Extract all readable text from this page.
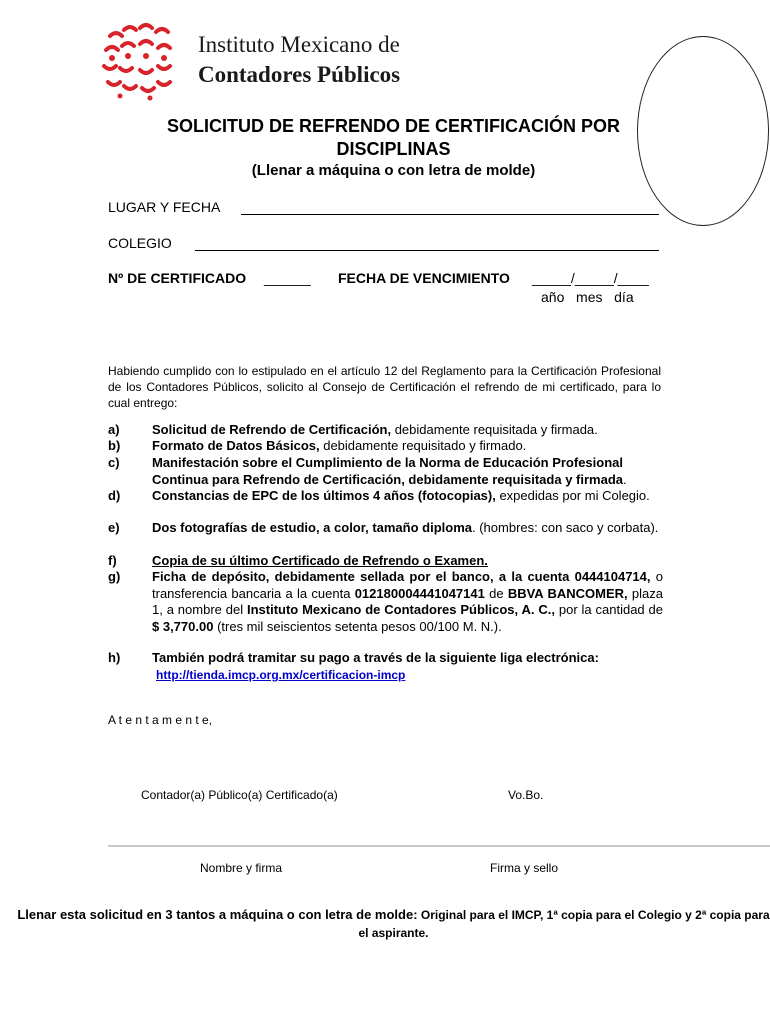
Instituto Mexicano de
Contadores Públicos
SOLICITUD DE REFRENDO DE CERTIFICACIÓN POR
DISCIPLINAS
(Llenar a máquina o con letra de molde)
LUGAR Y FECHA
COLEGIO
Nº DE CERTIFICADO ______ FECHA DE VENCIMIENTO _____/_____/____
año   mes   día
Habiendo cumplido con lo estipulado en el artículo 12 del Reglamento para la Certificación Profesional de los Contadores Públicos, solicito al Consejo de Certificación el refrendo de mi certificado, para lo cual entrego:
a) Solicitud de Refrendo de Certificación, debidamente requisitada y firmada.
b) Formato de Datos Básicos, debidamente requisitado y firmado.
c) Manifestación sobre el Cumplimiento de la Norma de Educación Profesional Continua para Refrendo de Certificación, debidamente requisitada y firmada.
d) Constancias de EPC de los últimos 4 años (fotocopias), expedidas por mi Colegio.
e) Dos fotografías de estudio, a color, tamaño diploma. (hombres: con saco y corbata).
f)	Copia de su último Certificado de Refrendo o Examen.
g) Ficha de depósito, debidamente sellada por el banco, a la cuenta 0444104714, o transferencia bancaria a la cuenta 012180004441047141 de BBVA BANCOMER, plaza 1, a nombre del Instituto Mexicano de Contadores Públicos, A. C., por la cantidad de $ 3,770.00 (tres mil seiscientos setenta pesos 00/100 M. N.).
h) También podrá tramitar su pago a través de la siguiente liga electrónica:
http://tienda.imcp.org.mx/certificacion-imcp
A t e n t a m e n t e,
Contador(a) Público(a) Certificado(a)	Vo.Bo.
Nombre y firma	Firma y sello
Llenar esta solicitud en 3 tantos a máquina o con letra de molde: Original para el IMCP, 1ª copia para el Colegio y 2ª copia para el aspirante.
